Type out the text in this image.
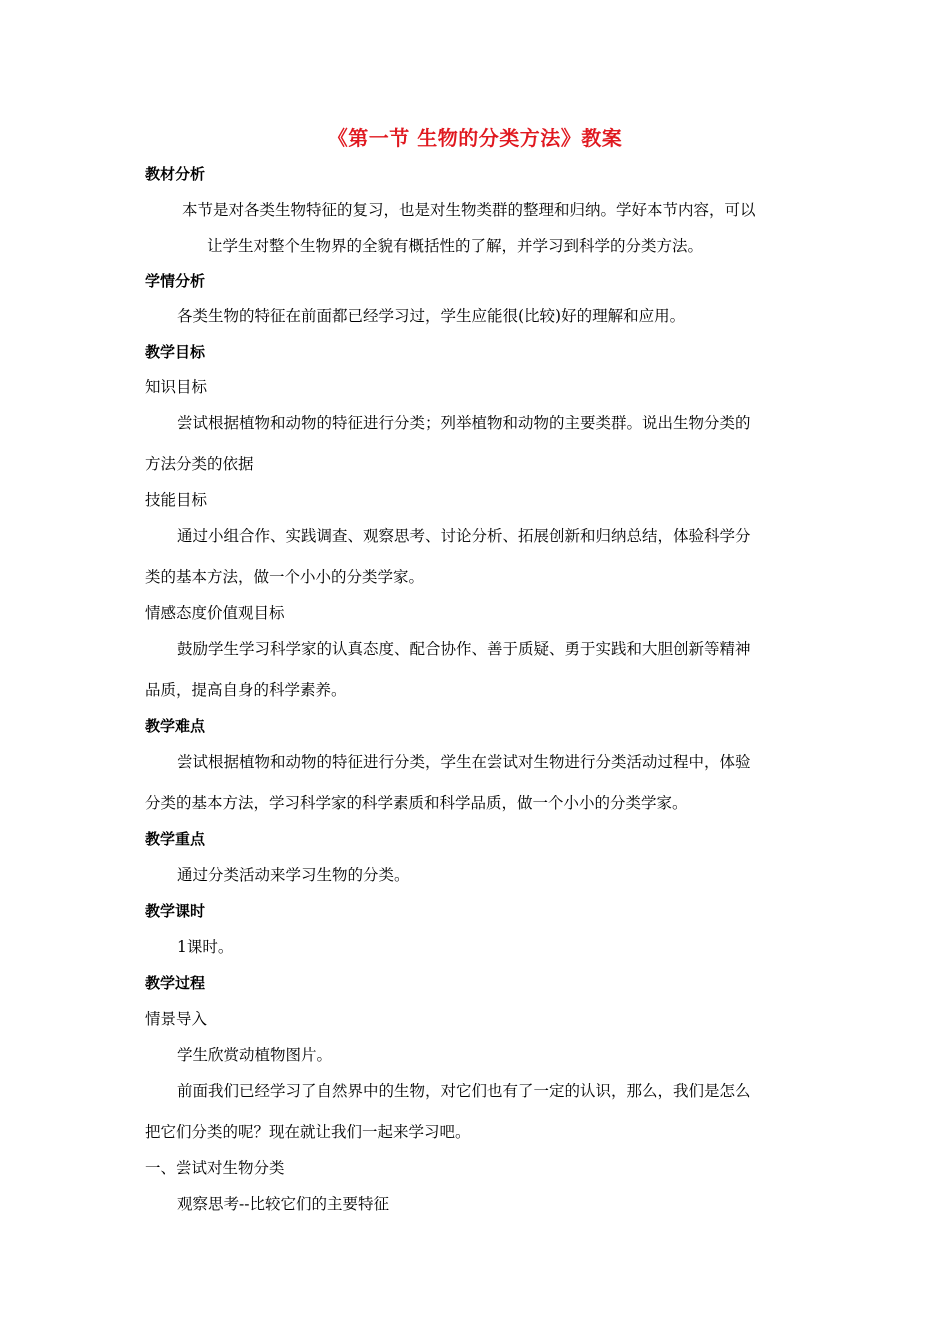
《第一节 生物的分类方法》教案
教材分析
本节是对各类生物特征的复习，也是对生物类群的整理和归纳。学好本节内容，可以
让学生对整个生物界的全貌有概括性的了解，并学习到科学的分类方法。
学情分析
各类生物的特征在前面都已经学习过，学生应能很(比较)好的理解和应用。
教学目标
知识目标
尝试根据植物和动物的特征进行分类；列举植物和动物的主要类群。说出生物分类的
方法分类的依据
技能目标
通过小组合作、实践调查、观察思考、讨论分析、拓展创新和归纳总结，体验科学分
类的基本方法，做一个小小的分类学家。
情感态度价值观目标
鼓励学生学习科学家的认真态度、配合协作、善于质疑、勇于实践和大胆创新等精神
品质，提高自身的科学素养。
教学难点
尝试根据植物和动物的特征进行分类，学生在尝试对生物进行分类活动过程中，体验
分类的基本方法，学习科学家的科学素质和科学品质，做一个小小的分类学家。
教学重点
通过分类活动来学习生物的分类。
教学课时
1课时。
教学过程
情景导入
学生欣赏动植物图片。
前面我们已经学习了自然界中的生物，对它们也有了一定的认识，那么，我们是怎么
把它们分类的呢？现在就让我们一起来学习吧。
一、尝试对生物分类
观察思考--比较它们的主要特征
